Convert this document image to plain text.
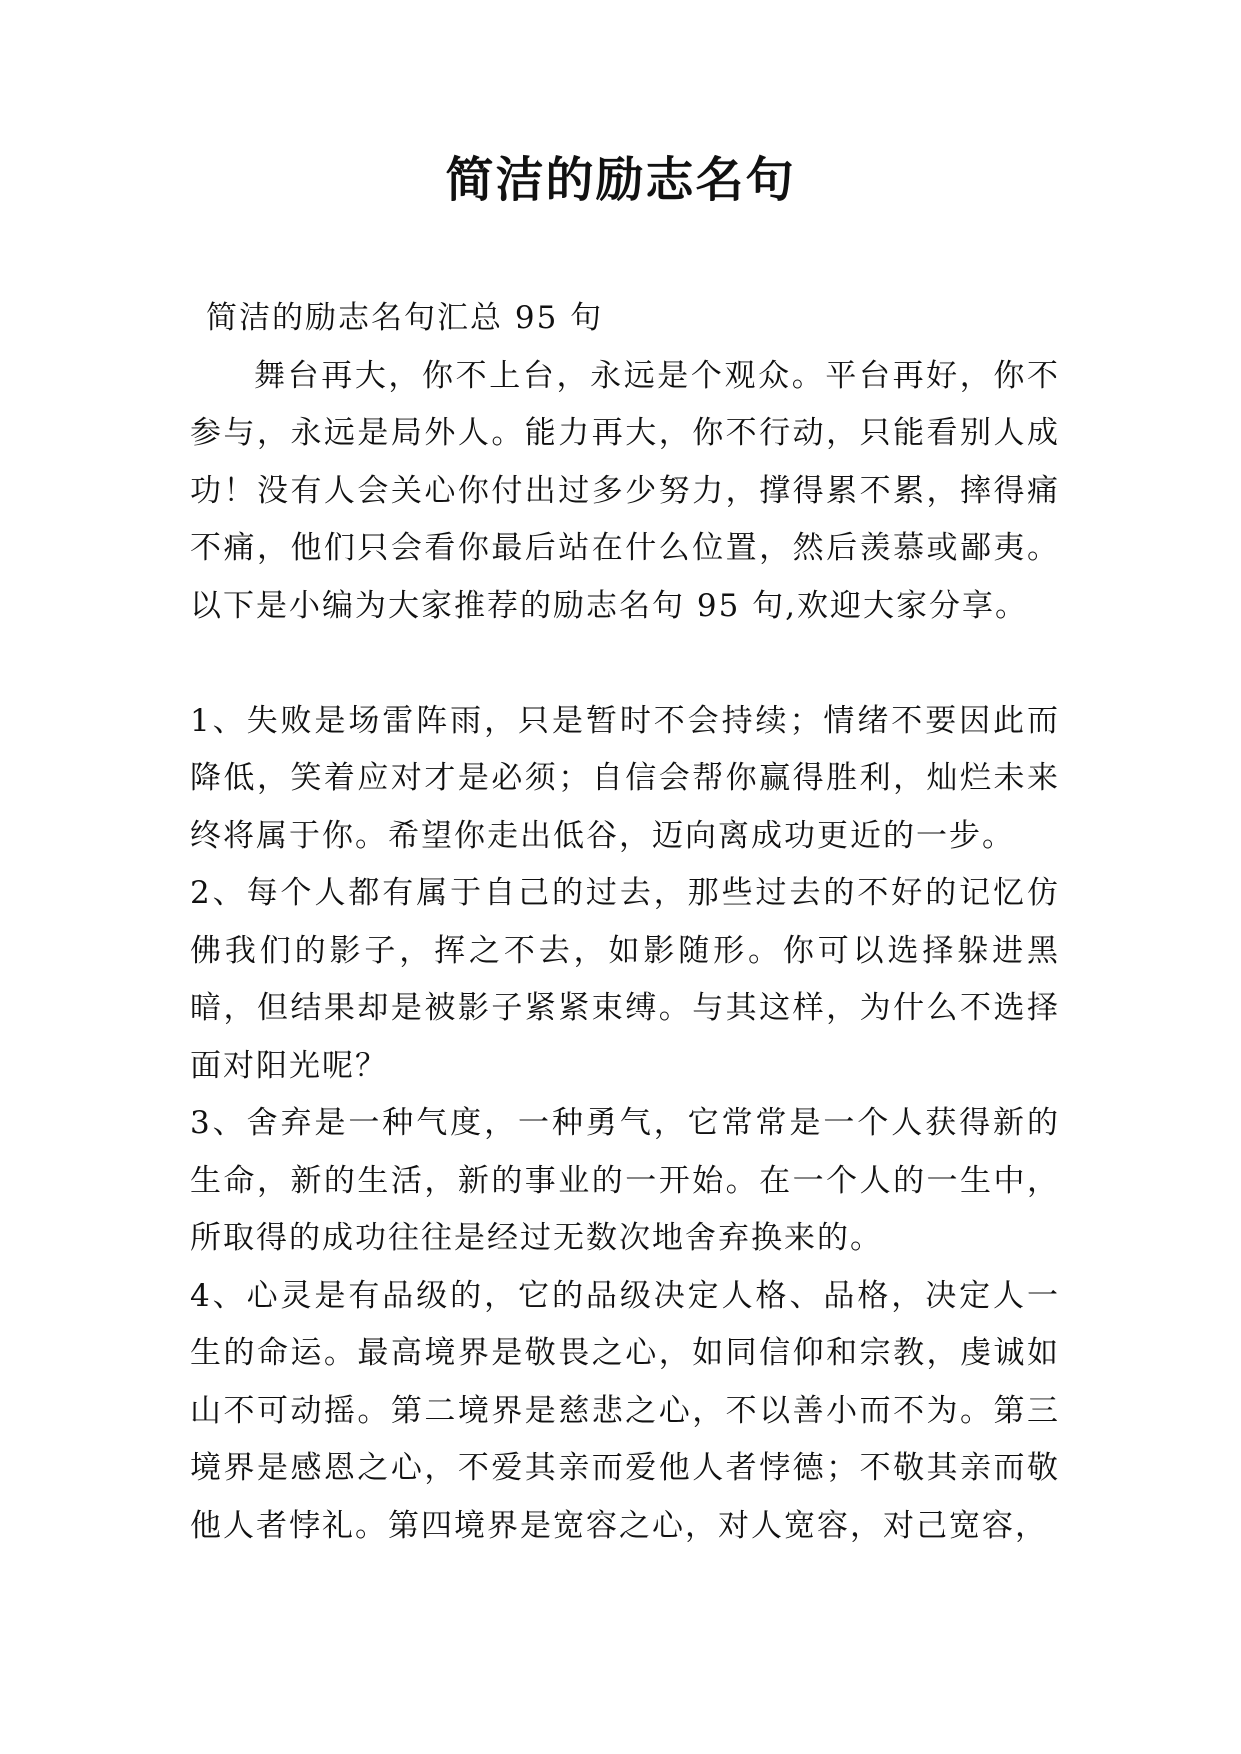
简洁的励志名句

简洁的励志名句汇总 95 句

舞台再大，你不上台，永远是个观众。平台再好，你不参与，永远是局外人。能力再大，你不行动，只能看别人成功！没有人会关心你付出过多少努力，撑得累不累，摔得痛不痛，他们只会看你最后站在什么位置，然后羡慕或鄙夷。以下是小编为大家推荐的励志名句 95 句,欢迎大家分享。

1、失败是场雷阵雨，只是暂时不会持续；情绪不要因此而降低，笑着应对才是必须；自信会帮你赢得胜利，灿烂未来终将属于你。希望你走出低谷，迈向离成功更近的一步。

2、每个人都有属于自己的过去，那些过去的不好的记忆仿佛我们的影子，挥之不去，如影随形。你可以选择躲进黑暗，但结果却是被影子紧紧束缚。与其这样，为什么不选择面对阳光呢？

3、舍弃是一种气度，一种勇气，它常常是一个人获得新的生命，新的生活，新的事业的一开始。在一个人的一生中，所取得的成功往往是经过无数次地舍弃换来的。

4、心灵是有品级的，它的品级决定人格、品格，决定人一生的命运。最高境界是敬畏之心，如同信仰和宗教，虔诚如山不可动摇。第二境界是慈悲之心，不以善小而不为。第三境界是感恩之心，不爱其亲而爱他人者悖德；不敬其亲而敬他人者悖礼。第四境界是宽容之心，对人宽容，对己宽容，
